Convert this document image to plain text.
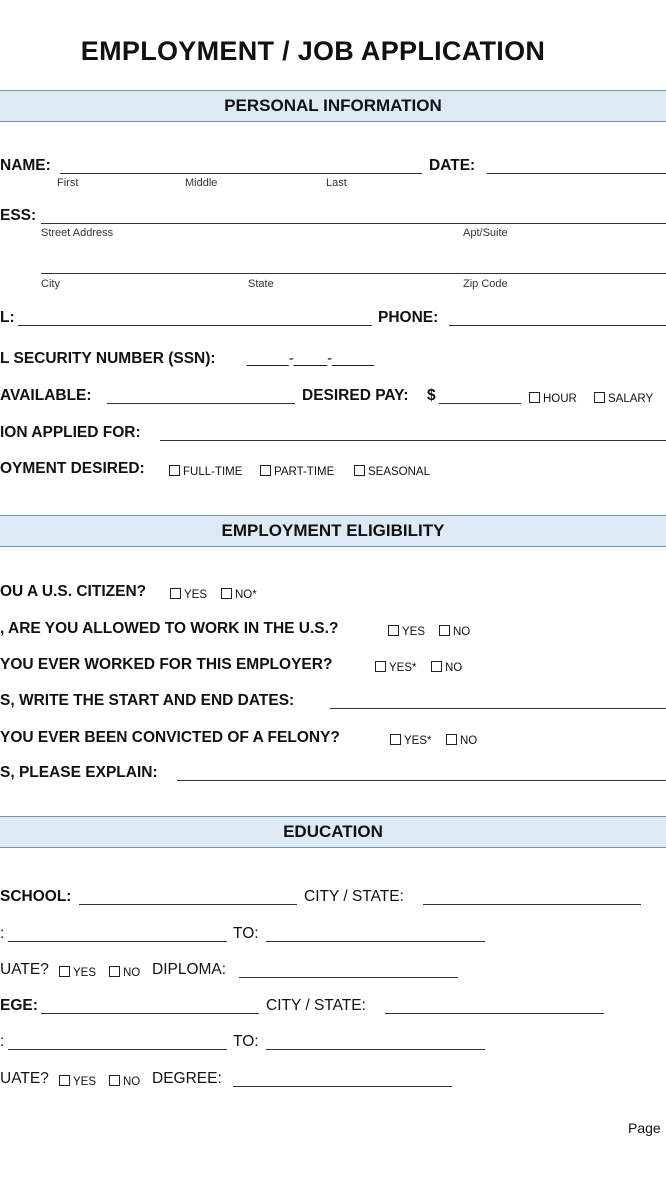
EMPLOYMENT / JOB APPLICATION
PERSONAL INFORMATION
NAME:
First	Middle	Last
DATE:
ESS:
Street Address	Apt/Suite
City	State	Zip Code
L:	PHONE:
L SECURITY NUMBER (SSN): _____-____-_____
AVAILABLE:	DESIRED PAY: $	HOUR	SALARY
ION APPLIED FOR:
OYMENT DESIRED:	FULL-TIME	PART-TIME	SEASONAL
EMPLOYMENT ELIGIBILITY
OU A U.S. CITIZEN?	YES	NO*
, ARE YOU ALLOWED TO WORK IN THE U.S.?	YES	NO
YOU EVER WORKED FOR THIS EMPLOYER?	YES*	NO
S, WRITE THE START AND END DATES:
YOU EVER BEEN CONVICTED OF A FELONY?	YES*	NO
S, PLEASE EXPLAIN:
EDUCATION
SCHOOL:	CITY / STATE:
:	TO:
UATE?	YES	NO DIPLOMA:
EGE:	CITY / STATE:
:	TO:
UATE?	YES	NO DEGREE:
Page
